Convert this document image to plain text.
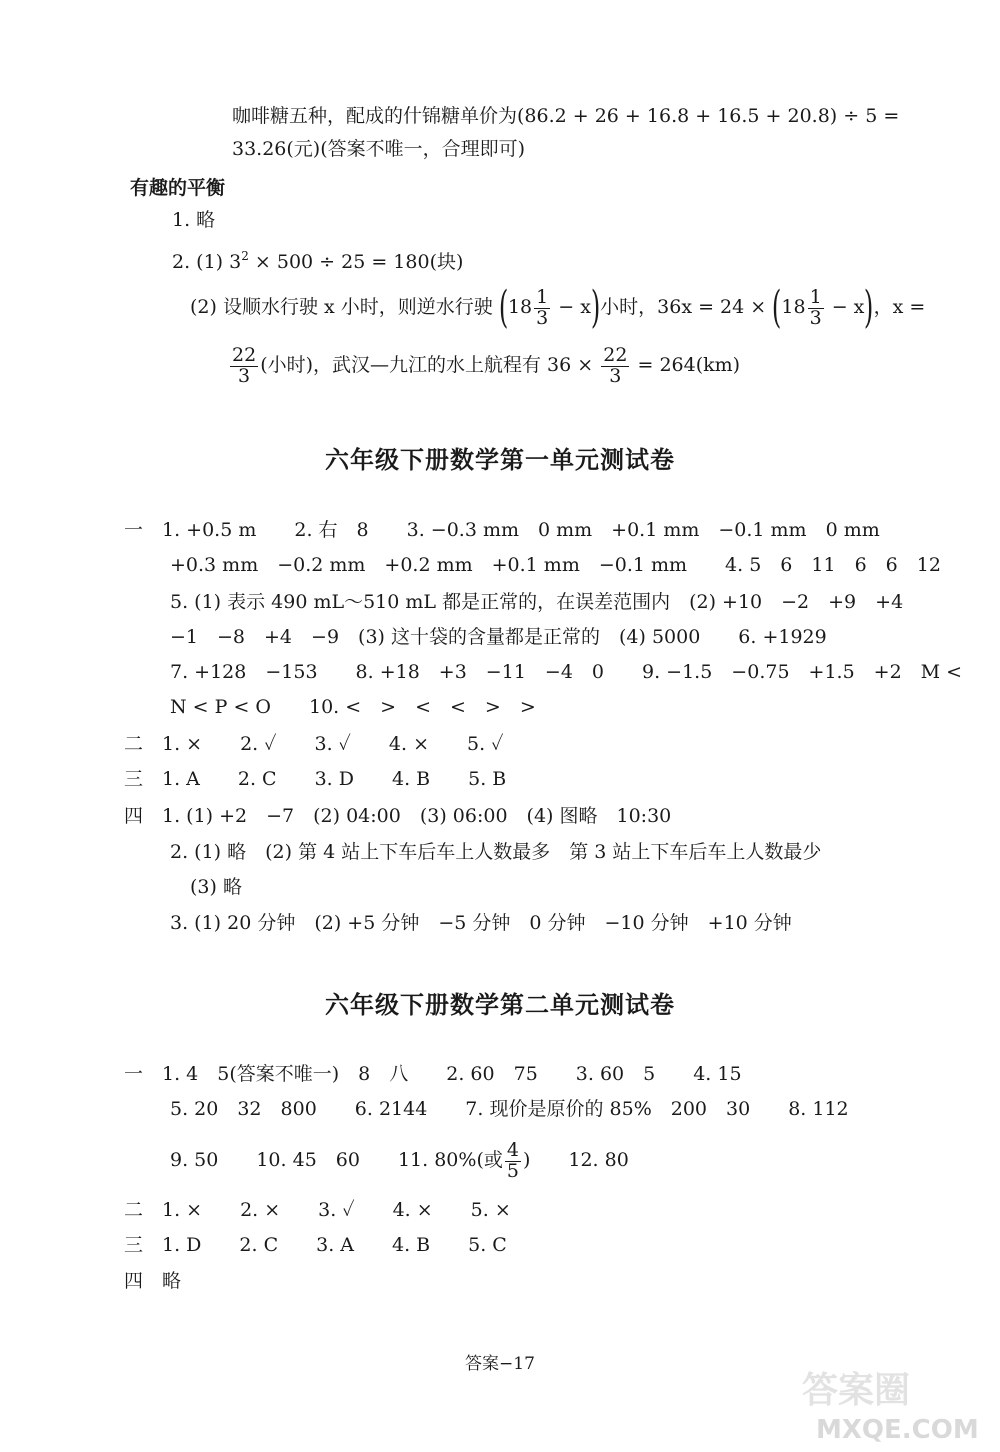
咖啡糖五种，配成的什锦糖单价为(86.2 + 26 + 16.8 + 16.5 + 20.8) ÷ 5 =
33.26(元)(答案不唯一，合理即可)
有趣的平衡
1. 略
2. (1) $3^2 \times 500 \div 25 = 180$(块)
(2) 设顺水行驶 x 小时，则逆水行驶 $(18 \frac{1}{3} - x)$小时，$36x = 24 \times (18 \frac{1}{3} - x)$，x =
$\frac{22}{3}$ (小时)，武汉—九江的水上航程有 $36 \times \frac{22}{3} = 264(km)$
六年级下册数学第一单元测试卷
一　1. +0.5 m　　2. 右　8　　3. −0.3 mm　0 mm　+0.1 mm　−0.1 mm　0 mm
+0.3 mm　−0.2 mm　+0.2 mm　+0.1 mm　−0.1 mm　　4. 5　6　11　6　6　12
5. (1) 表示 490 mL～510 mL 都是正常的，在误差范围内　(2) +10　−2　+9　+4
−1　−8　+4　−9　(3) 这十袋的含量都是正常的　(4) 5000　　6. +1929
7. +128　−153　　8. +18　+3　−11　−4　0　　9. −1.5　−0.75　+1.5　+2　M <
N < P < O　　10. <　>　<　<　>　>
二　1. ×　　2. ✓　　3. ✓　　4. ×　　5. ✓
三　1. A　　2. C　　3. D　　4. B　　5. B
四　1. (1) +2　−7　(2) 04:00　(3) 06:00　(4) 图略　10:30
2. (1) 略　(2) 第 4 站上下车后车上人数最多　第 3 站上下车后车上人数最少
(3) 略
3. (1) 20 分钟　(2) +5 分钟　−5 分钟　0 分钟　−10 分钟　+10 分钟
六年级下册数学第二单元测试卷
一　1. 4　5(答案不唯一)　8　八　　2. 60　75　　3. 60　5　　4. 15
5. 20　32　800　　6. 2144　　7. 现价是原价的 85%　200　30　　8. 112
9. 50　　10. 45　60　　11. 80%(或 $\frac{4}{5}$ )　　12. 80
二　1. ×　　2. ×　　3. ✓　　4. ×　　5. ×
三　1. D　　2. C　　3. A　　4. B　　5. C
四　略
答案−17
答案圈
MXQE.COM
